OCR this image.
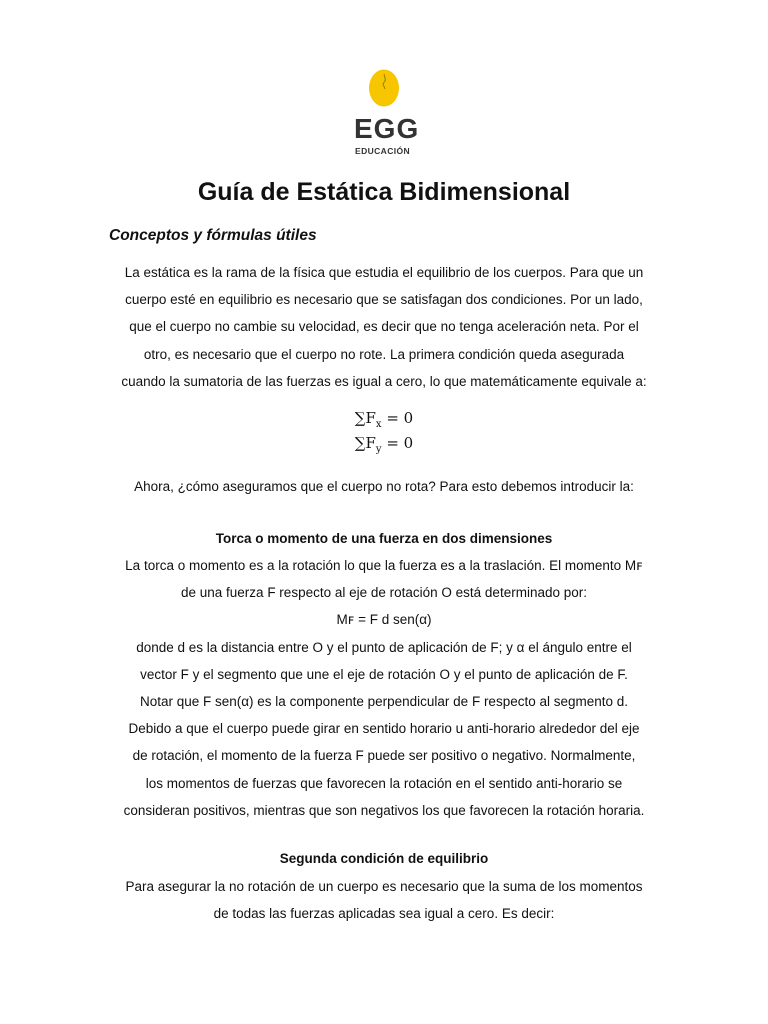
EGG
EDUCACIÓN
Guía de Estática Bidimensional
Conceptos y fórmulas útiles
La estática es la rama de la física que estudia el equilibrio de los cuerpos. Para que un
cuerpo esté en equilibrio es necesario que se satisfagan dos condiciones. Por un lado,
que el cuerpo no cambie su velocidad, es decir que no tenga aceleración neta. Por el
otro, es necesario que el cuerpo no rote. La primera condición queda asegurada
cuando la sumatoria de las fuerzas es igual a cero, lo que matemáticamente equivale a:
$\sum F_x = 0$
$\sum F_y = 0$
Ahora, ¿cómo aseguramos que el cuerpo no rota? Para esto debemos introducir la:
Torca o momento de una fuerza en dos dimensiones
La torca o momento es a la rotación lo que la fuerza es a la traslación. El momento Mꜰ
de una fuerza F respecto al eje de rotación O está determinado por:
Mꜰ = F d sen(α)
donde d es la distancia entre O y el punto de aplicación de F; y α el ángulo entre el
vector F y el segmento que une el eje de rotación O y el punto de aplicación de F.
Notar que F sen(α) es la componente perpendicular de F respecto al segmento d.
Debido a que el cuerpo puede girar en sentido horario u anti-horario alrededor del eje
de rotación, el momento de la fuerza F puede ser positivo o negativo. Normalmente,
los momentos de fuerzas que favorecen la rotación en el sentido anti-horario se
consideran positivos, mientras que son negativos los que favorecen la rotación horaria.
Segunda condición de equilibrio
Para asegurar la no rotación de un cuerpo es necesario que la suma de los momentos
de todas las fuerzas aplicadas sea igual a cero. Es decir:
